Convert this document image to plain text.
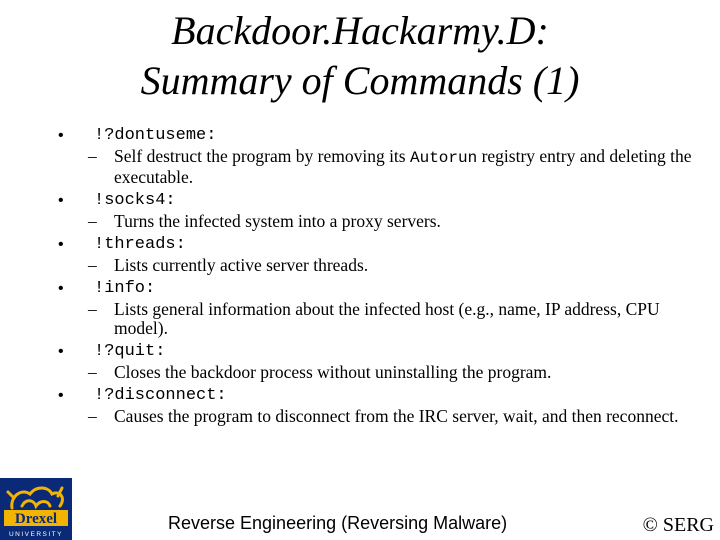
Backdoor.Hackarmy.D:
Summary of Commands (1)
• !?dontuseme:
– Self destruct the program by removing its Autorun registry entry and deleting the executable.
• !socks4:
– Turns the infected system into a proxy servers.
• !threads:
– Lists currently active server threads.
• !info:
– Lists general information about the infected host (e.g., name, IP address, CPU model).
• !?quit:
– Closes the backdoor process without uninstalling the program.
• !?disconnect:
– Causes the program to disconnect from the IRC server, wait, and then reconnect.
Drexel
UNIVERSITY
Reverse Engineering (Reversing Malware)	© SERG
